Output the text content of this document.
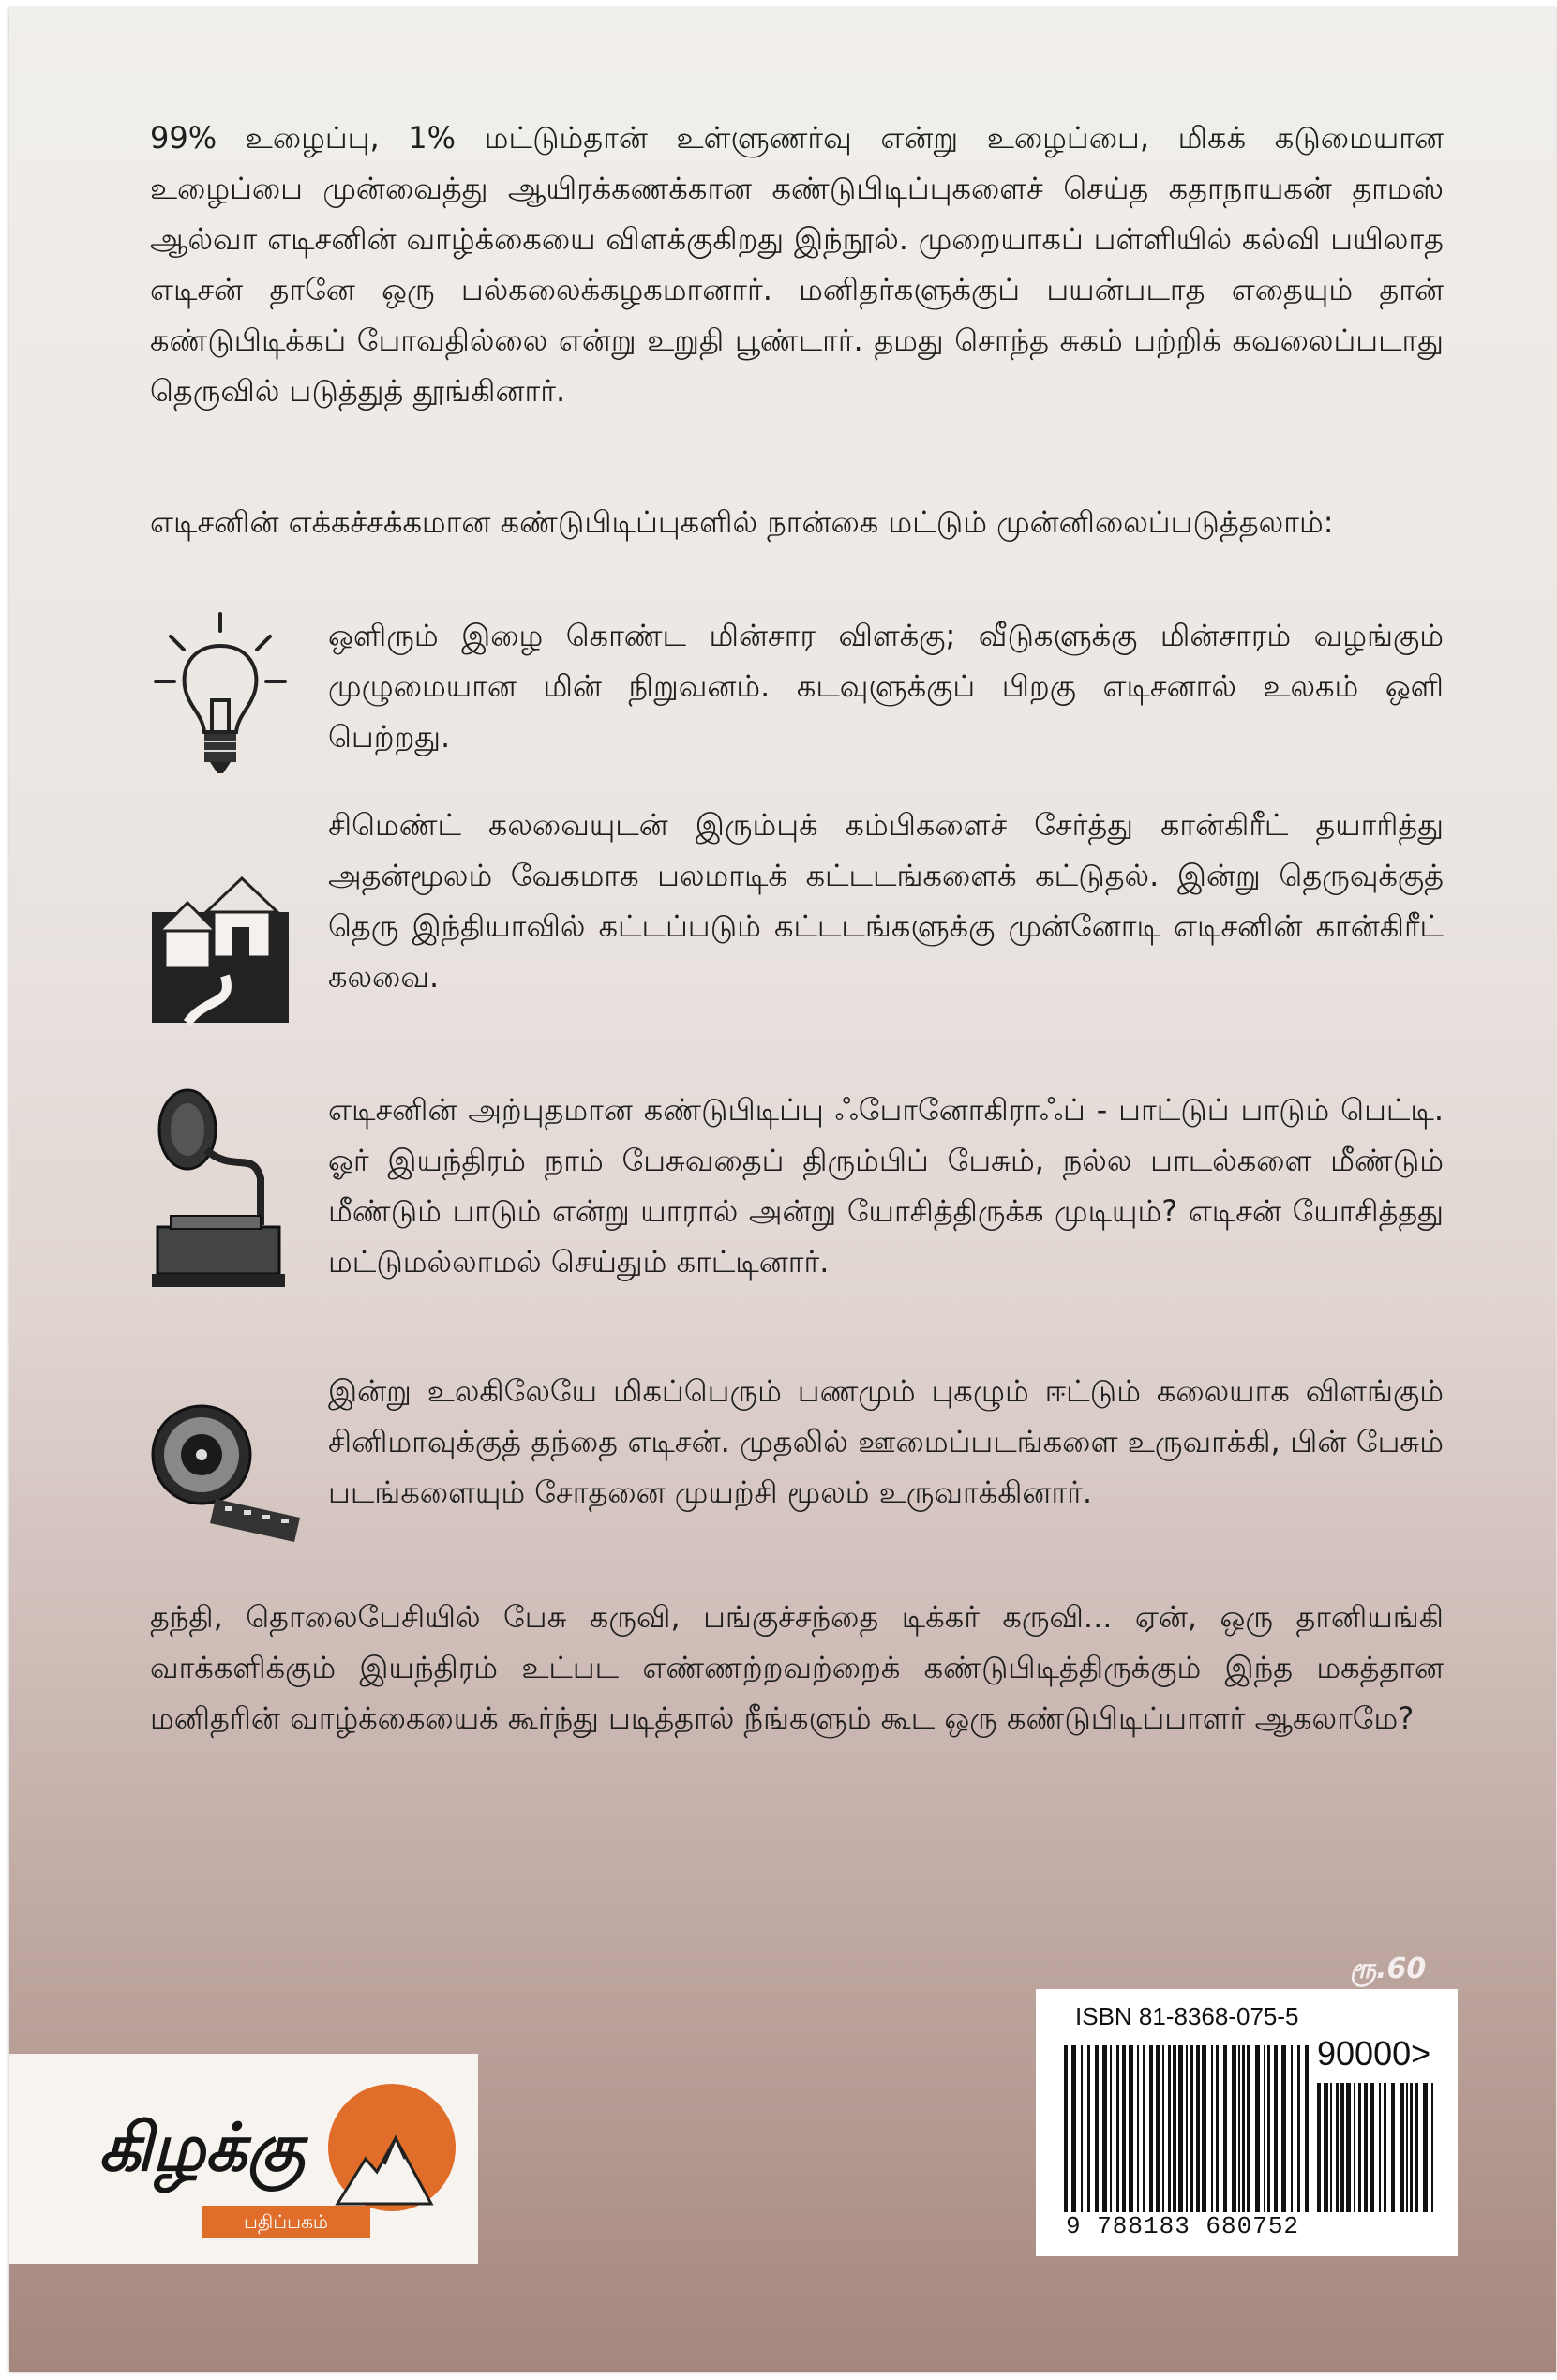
99% உழைப்பு, 1% மட்டும்தான் உள்ளுணர்வு என்று உழைப்பை, மிகக் கடுமையான உழைப்பை முன்வைத்து ஆயிரக்கணக்கான கண்டுபிடிப்புகளைச் செய்த கதாநாயகன் தாமஸ் ஆல்வா எடிசனின் வாழ்க்கையை விளக்குகிறது இந்நூல். முறையாகப் பள்ளியில் கல்வி பயிலாத எடிசன் தானே ஒரு பல்கலைக்கழகமானார். மனிதர்களுக்குப் பயன்படாத எதையும் தான் கண்டுபிடிக்கப் போவதில்லை என்று உறுதி பூண்டார். தமது சொந்த சுகம் பற்றிக் கவலைப்படாது தெருவில் படுத்துத் தூங்கினார்.
எடிசனின் எக்கச்சக்கமான கண்டுபிடிப்புகளில் நான்கை மட்டும் முன்னிலைப்படுத்தலாம்:
ஒளிரும் இழை கொண்ட மின்சார விளக்கு; வீடுகளுக்கு மின்சாரம் வழங்கும் முழுமையான மின் நிறுவனம். கடவுளுக்குப் பிறகு எடிசனால் உலகம் ஒளி பெற்றது.
சிமெண்ட் கலவையுடன் இரும்புக் கம்பிகளைச் சேர்த்து கான்கிரீட் தயாரித்து அதன்மூலம் வேகமாக பலமாடிக் கட்டடங்களைக் கட்டுதல். இன்று தெருவுக்குத் தெரு இந்தியாவில் கட்டப்படும் கட்டடங்களுக்கு முன்னோடி எடிசனின் கான்கிரீட் கலவை.
எடிசனின் அற்புதமான கண்டுபிடிப்பு ஃபோனோகிராஃப் - பாட்டுப் பாடும் பெட்டி. ஓர் இயந்திரம் நாம் பேசுவதைப் திரும்பிப் பேசும், நல்ல பாடல்களை மீண்டும் மீண்டும் பாடும் என்று யாரால் அன்று யோசித்திருக்க முடியும்? எடிசன் யோசித்தது மட்டுமல்லாமல் செய்தும் காட்டினார்.
இன்று உலகிலேயே மிகப்பெரும் பணமும் புகழும் ஈட்டும் கலையாக விளங்கும் சினிமாவுக்குத் தந்தை எடிசன். முதலில் ஊமைப்படங்களை உருவாக்கி, பின் பேசும் படங்களையும் சோதனை முயற்சி மூலம் உருவாக்கினார்.
தந்தி, தொலைபேசியில் பேசு கருவி, பங்குச்சந்தை டிக்கர் கருவி... ஏன், ஒரு தானியங்கி வாக்களிக்கும் இயந்திரம் உட்பட எண்ணற்றவற்றைக் கண்டுபிடித்திருக்கும் இந்த மகத்தான மனிதரின் வாழ்க்கையைக் கூர்ந்து படித்தால் நீங்களும் கூட ஒரு கண்டுபிடிப்பாளர் ஆகலாமே?
ரூ.60
ISBN 81-8368-075-5
90000>
9 788183 680752
கிழக்கு
பதிப்பகம்
